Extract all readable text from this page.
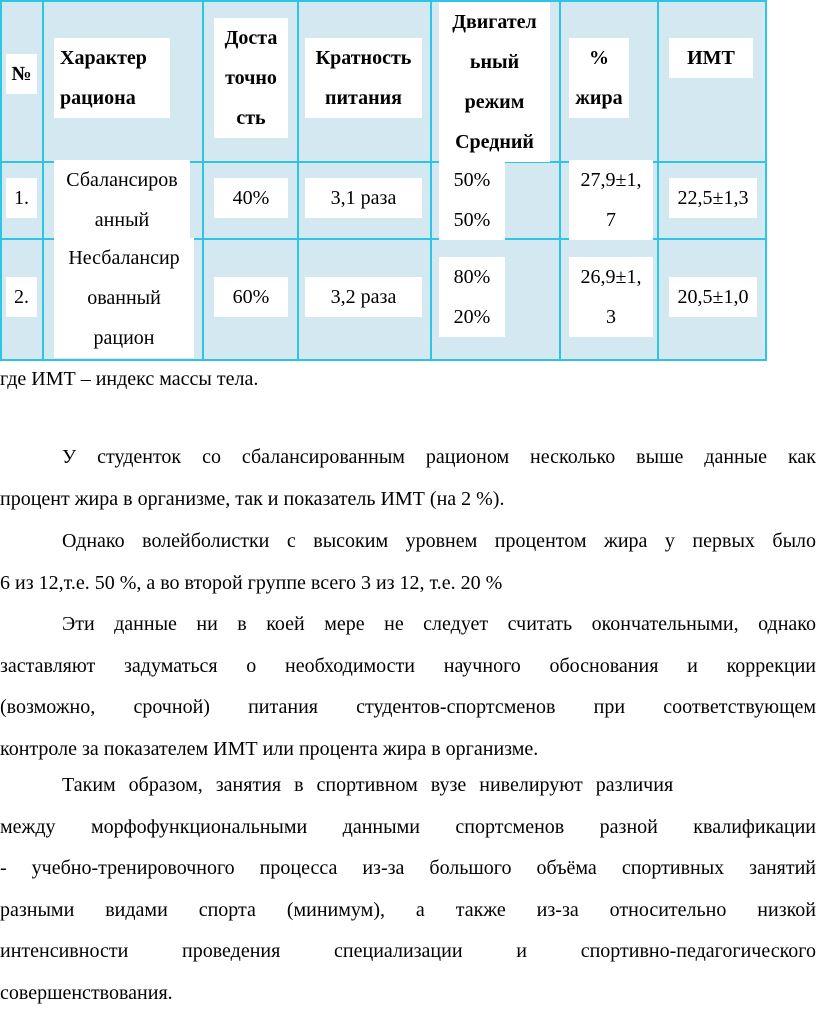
№
Характер
рациона
Доста
точно
сть
Кратность
питания
Двигател
ьный
режим
Средний
%
жира
ИМТ
1.
Сбалансиров
анный
40%	3,1 раза
50%
50%
27,9±1,
7
22,5±1,3
2.
Несбалансир
ованный
рацион
60%	3,2 раза
80%
20%
26,9±1,
3
20,5±1,0
где ИМТ – индекс массы тела.
У студенток со сбалансированным рационом несколько выше данные как
процент жира в организме, так и показатель ИМТ (на 2 %).
Однако волейболистки с высоким уровнем процентом жира у первых было
6 из 12,т.е. 50 %, а во второй группе всего 3 из 12, т.е. 20 %
Эти данные ни в коей мере не следует считать окончательными, однако
заставляют задуматься о необходимости научного обоснования и коррекции
(возможно, срочной) питания студентов-спортсменов при соответствующем
контроле за показателем ИМТ или процента жира в организме.
Таким образом, занятия в спортивном вузе нивелируют различия
между морфофункциональными данными спортсменов разной квалификации
- учебно-тренировочного процесса из-за большого объёма спортивных занятий
разными видами спорта (минимум), а также из-за относительно низкой
интенсивности проведения специализации и спортивно-педагогического
совершенствования.
